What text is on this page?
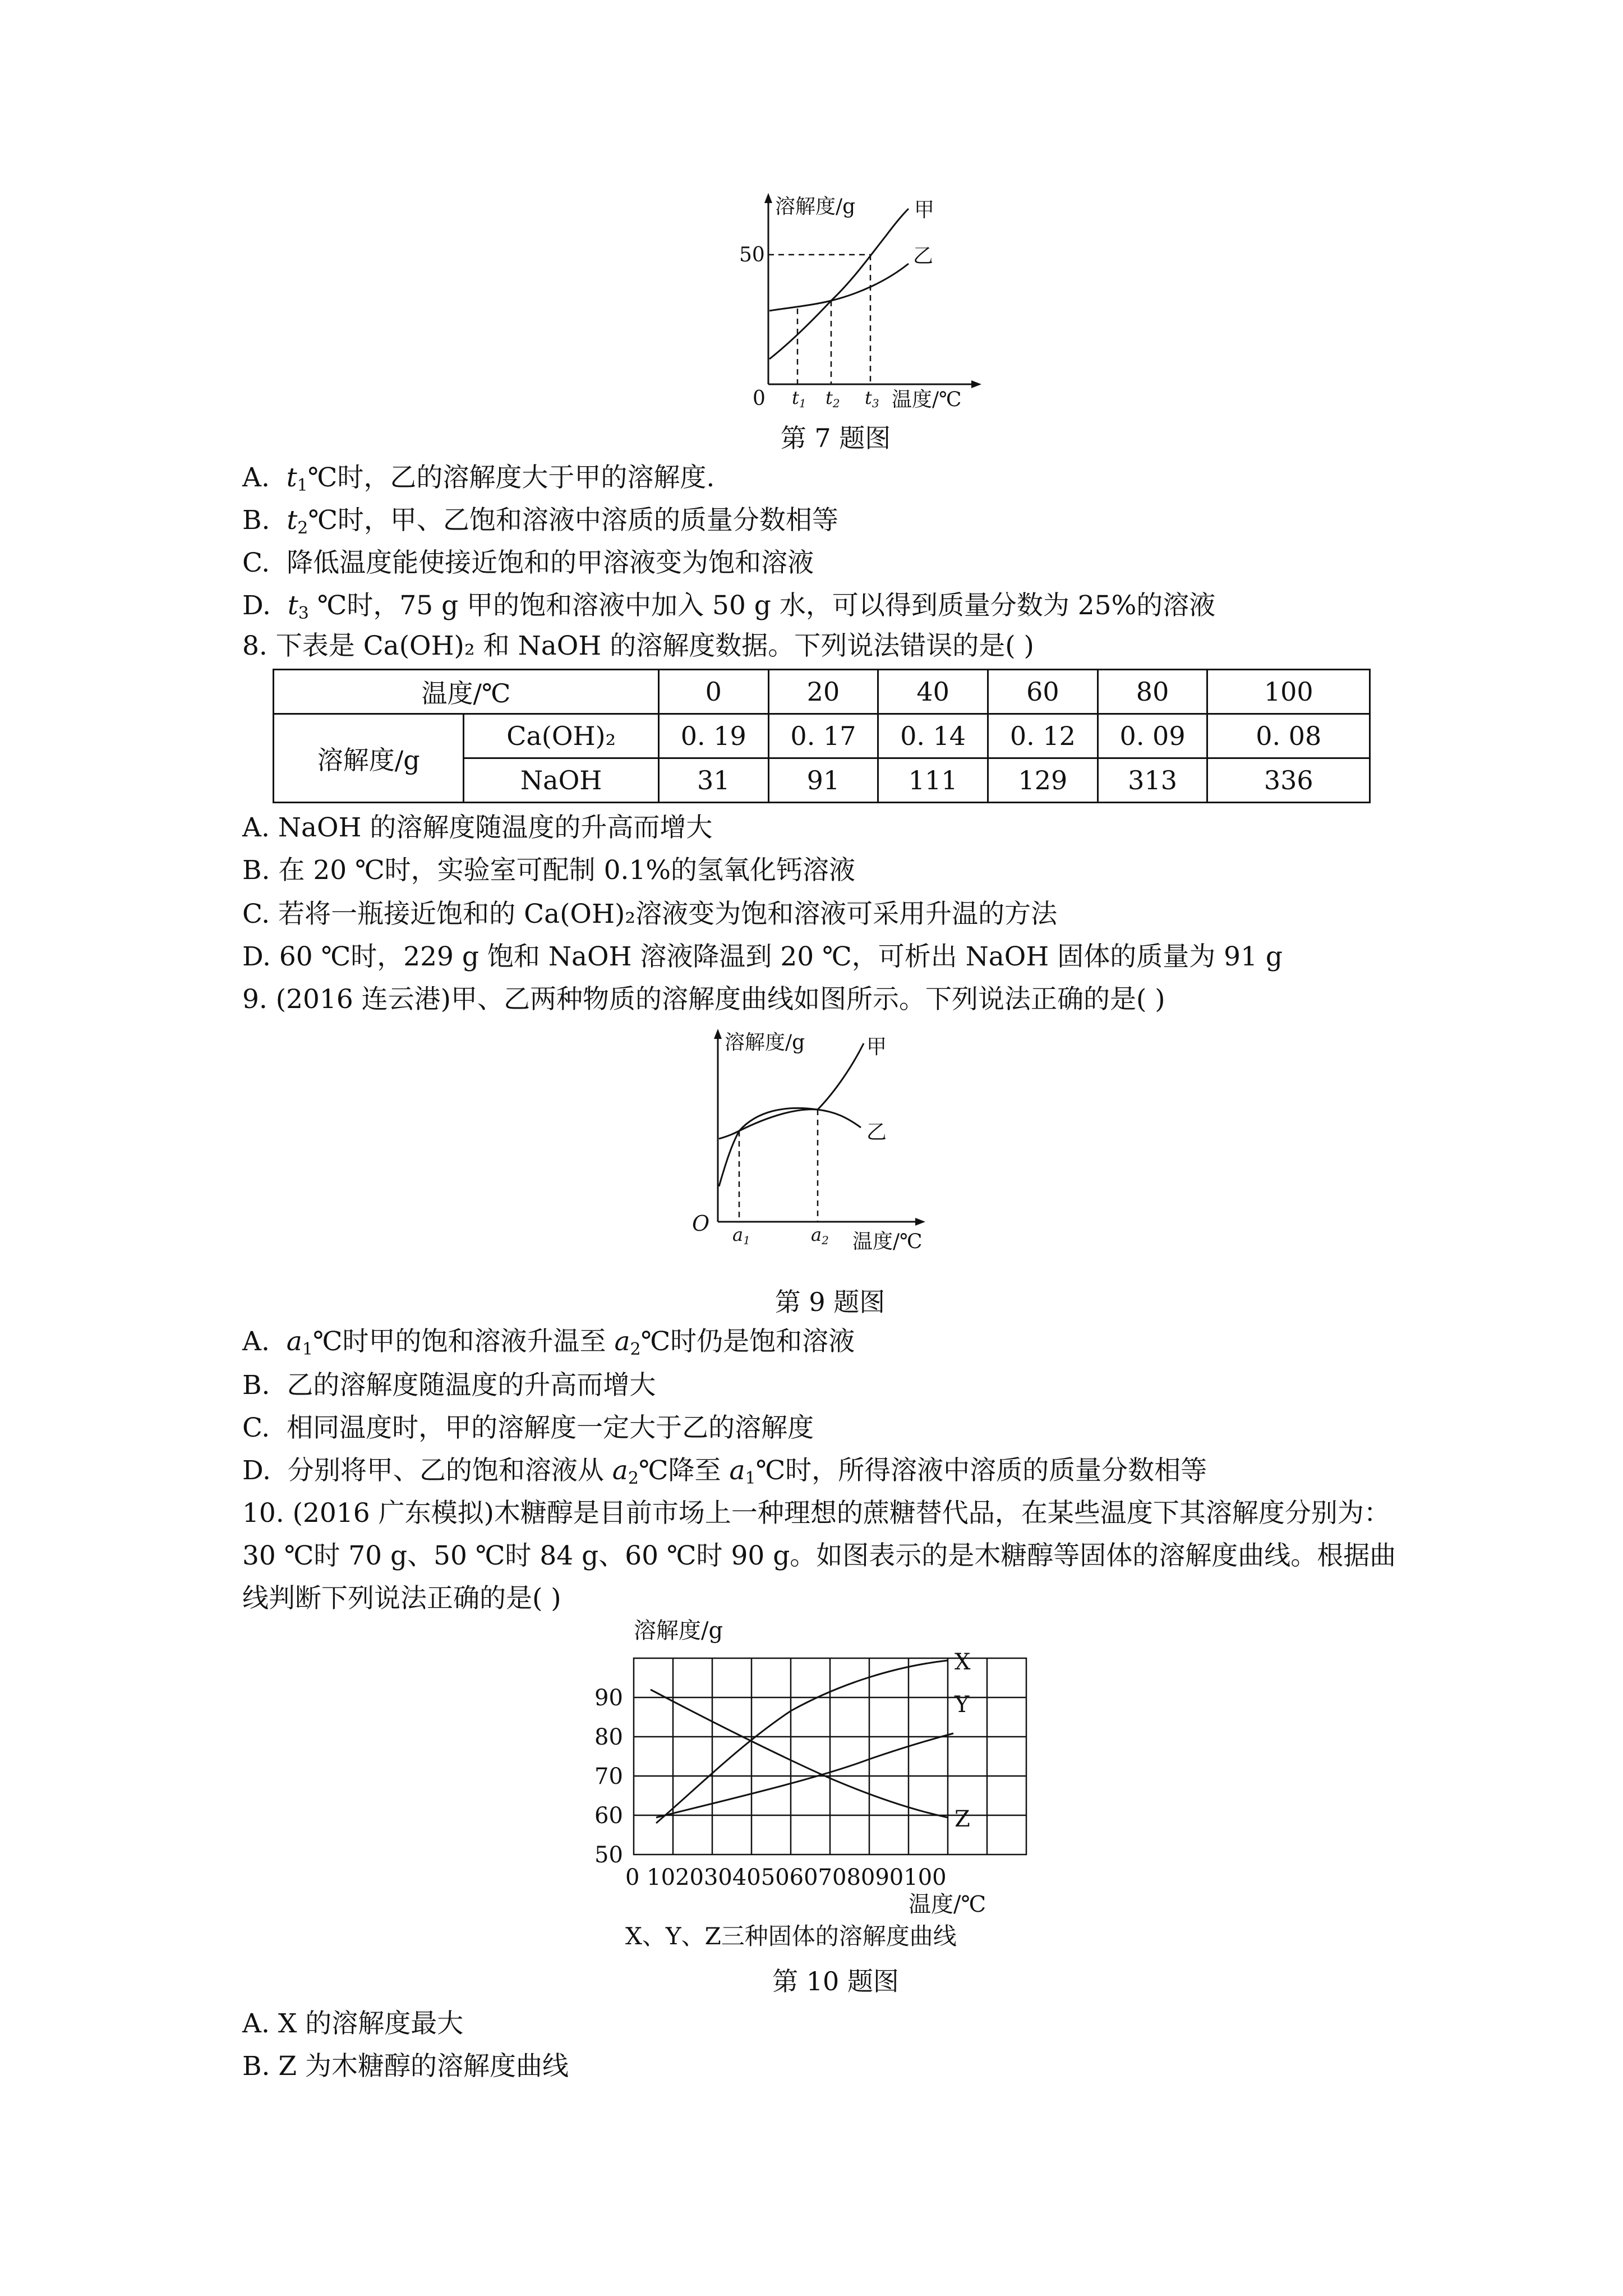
溶解度/g
50
0
甲
乙
t1 t2 t3 温度/℃
第 7 题图
A. $t_1℃$时，乙的溶解度大于甲的溶解度.
B. $t_2℃$时，甲、乙饱和溶液中溶质的质量分数相等
C. 降低温度能使接近饱和的甲溶液变为饱和溶液
D. $t_3$ ℃时，75 g 甲的饱和溶液中加入 50 g 水，可以得到质量分数为 25%的溶液
8. 下表是 Ca(OH)₂ 和 NaOH 的溶解度数据。下列说法错误的是( )
温度/℃		0	20	40	60	80	100
溶解度/g	Ca(OH)₂	0. 19	0. 17	0. 14	0. 12	0. 09	0. 08
	NaOH	31	91	111	129	313	336
A. NaOH 的溶解度随温度的升高而增大
B. 在 20 ℃时，实验室可配制 0.1%的氢氧化钙溶液
C. 若将一瓶接近饱和的 Ca(OH)₂溶液变为饱和溶液可采用升温的方法
D. 60 ℃时，229 g 饱和 NaOH 溶液降温到 20 ℃，可析出 NaOH 固体的质量为 91 g
9. (2016 连云港)甲、乙两种物质的溶解度曲线如图所示。下列说法正确的是( )
溶解度/g
O
甲
乙
a1	a2 温度/℃
第 9 题图
A. $a_1℃$时甲的饱和溶液升温至 $a_2℃$时仍是饱和溶液
B. 乙的溶解度随温度的升高而增大
C. 相同温度时，甲的溶解度一定大于乙的溶解度
D. 分别将甲、乙的饱和溶液从 $a_2℃$降至 $a_1℃$时，所得溶液中溶质的质量分数相等
10. (2016 广东模拟)木糖醇是目前市场上一种理想的蔗糖替代品，在某些温度下其溶解度分别为：30 ℃时 70 g、50 ℃时 84 g、60 ℃时 90 g。如图表示的是木糖醇等固体的溶解度曲线。根据曲线判断下列说法正确的是( )
溶解度/g
90
80
70
60
50
X
Y
Z
0 102030405060708090100
温度/℃
X、Y、Z三种固体的溶解度曲线
第 10 题图
A. X 的溶解度最大
B. Z 为木糖醇的溶解度曲线
